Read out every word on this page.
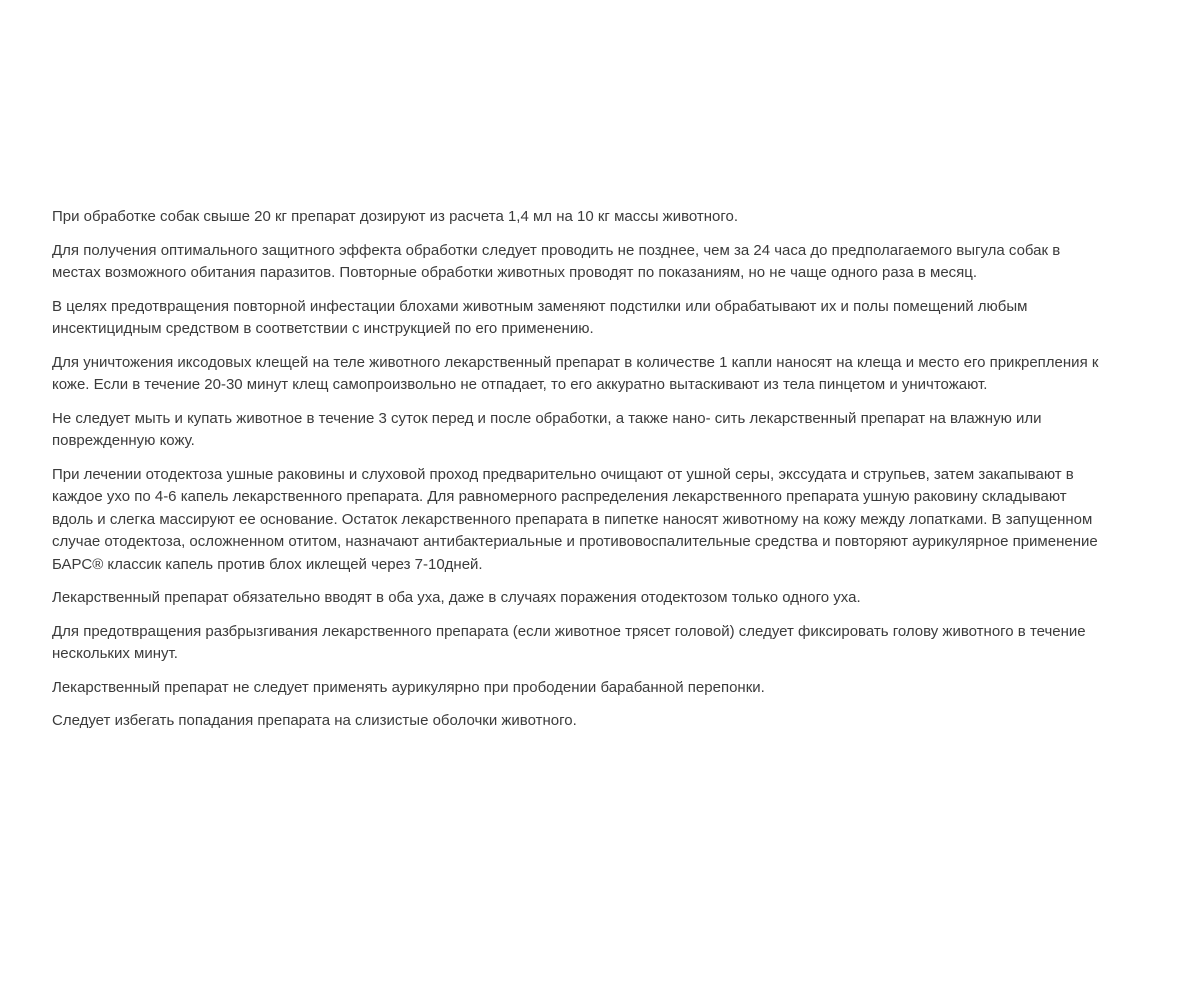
При обработке собак свыше 20 кг препарат дозируют из расчета 1,4 мл на 10 кг массы животного.

Для получения оптимального защитного эффекта обработки следует проводить не позднее, чем за 24 часа до предполагаемого выгула собак в местах возможного обитания паразитов. Повторные обработки животных проводят по показаниям, но не чаще одного раза в месяц.

В целях предотвращения повторной инфестации блохами животным заменяют подстилки или обрабатывают их и полы помещений любым инсектицидным средством в соответствии с инструкцией по его применению.

Для уничтожения иксодовых клещей на теле животного лекарственный препарат в количестве 1 капли наносят на клеща и место его прикрепления к коже. Если в течение 20-30 минут клещ самопроизвольно не отпадает, то его аккуратно вытаскивают из тела пинцетом и уничтожают.

Не следует мыть и купать животное в течение 3 суток перед и после обработки, а также нано- сить лекарственный препарат на влажную или поврежденную кожу.

При лечении отодектоза ушные раковины и слуховой проход предварительно очищают от ушной серы, экссудата и струпьев, затем закапывают в каждое ухо по 4-6 капель лекарственного препарата. Для равномерного распределения лекарственного препарата ушную раковину складывают вдоль и слегка массируют ее основание. Остаток лекарственного препарата в пипетке наносят животному на кожу между лопатками. В запущенном случае отодектоза, осложненном отитом, назначают антибактериальные и противовоспалительные средства и повторяют аурикулярное применение БАРС® классик капель против блох иклещей через 7-10дней.

Лекарственный препарат обязательно вводят в оба уха, даже в случаях поражения отодектозом только одного уха.

Для предотвращения разбрызгивания лекарственного препарата (если животное трясет головой) следует фиксировать голову животного в течение нескольких минут.

Лекарственный препарат не следует применять аурикулярно при прободении барабанной перепонки.

Следует избегать попадания препарата на слизистые оболочки животного.
